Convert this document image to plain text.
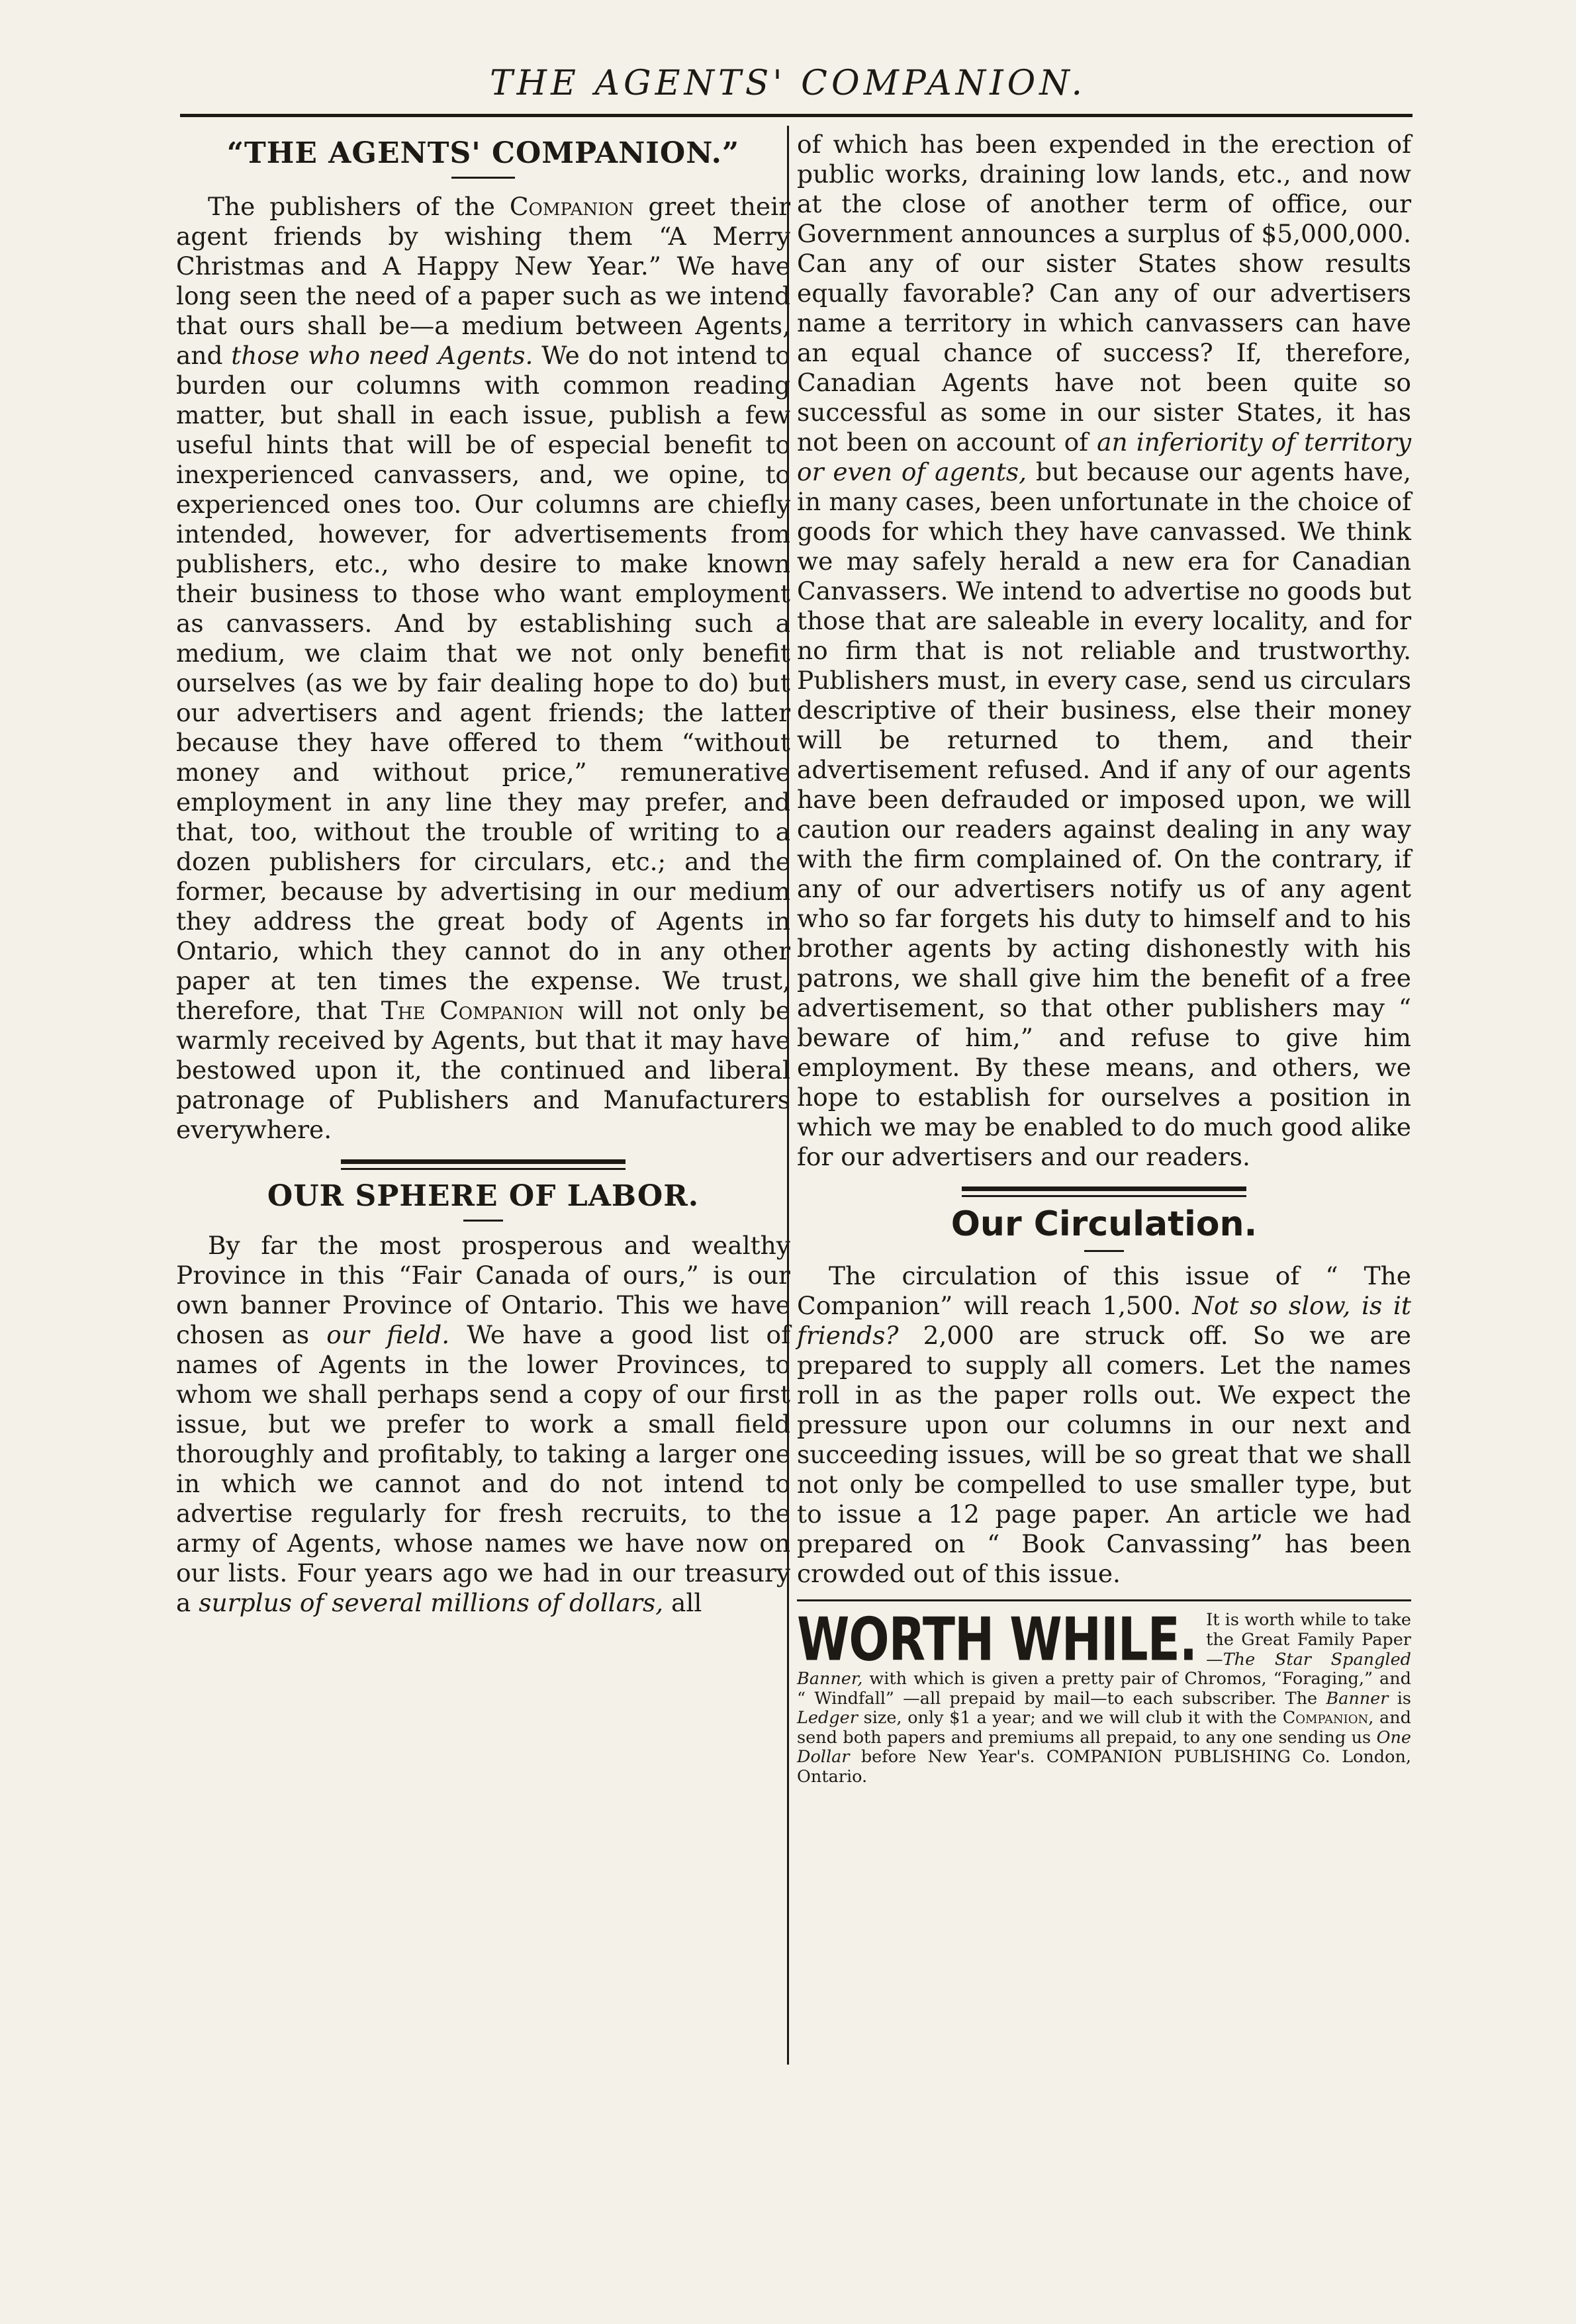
THE AGENTS' COMPANION.
“THE AGENTS' COMPANION.”

The publishers of the Companion greet their agent friends by wishing them “A Merry Christmas and A Happy New Year.” We have long seen the need of a paper such as we intend that ours shall be—a medium between Agents, and those who need Agents. We do not intend to burden our columns with common reading matter, but shall in each issue, publish a few useful hints that will be of especial benefit to inexperienced canvassers, and, we opine, to experienced ones too. Our columns are chiefly intended, however, for advertisements from publishers, etc., who desire to make known their business to those who want employment as canvassers. And by establishing such a medium, we claim that we not only benefit ourselves (as we by fair dealing hope to do) but our advertisers and agent friends; the latter because they have offered to them “without money and without price,” remunerative employment in any line they may prefer, and that, too, without the trouble of writing to a dozen publishers for circulars, etc.; and the former, because by advertising in our medium they address the great body of Agents in Ontario, which they cannot do in any other paper at ten times the expense. We trust, therefore, that The Companion will not only be warmly received by Agents, but that it may have bestowed upon it, the continued and liberal patronage of Publishers and Manufacturers everywhere.

OUR SPHERE OF LABOR.

By far the most prosperous and wealthy Province in this “Fair Canada of ours,” is our own banner Province of Ontario. This we have chosen as our field. We have a good list of names of Agents in the lower Provinces, to whom we shall perhaps send a copy of our first issue, but we prefer to work a small field thoroughly and profitably, to taking a larger one in which we cannot and do not intend to advertise regularly for fresh recruits, to the army of Agents, whose names we have now on our lists. Four years ago we had in our treasury a surplus of several millions of dollars, all

of which has been expended in the erection of public works, draining low lands, etc., and now at the close of another term of office, our Government announces a surplus of $5,000,000. Can any of our sister States show results equally favorable? Can any of our advertisers name a territory in which canvassers can have an equal chance of success? If, therefore, Canadian Agents have not been quite so successful as some in our sister States, it has not been on account of an inferiority of territory or even of agents, but because our agents have, in many cases, been unfortunate in the choice of goods for which they have canvassed. We think we may safely herald a new era for Canadian Canvassers. We intend to advertise no goods but those that are saleable in every locality, and for no firm that is not reliable and trustworthy. Publishers must, in every case, send us circulars descriptive of their business, else their money will be returned to them, and their advertisement refused. And if any of our agents have been defrauded or imposed upon, we will caution our readers against dealing in any way with the firm complained of. On the contrary, if any of our advertisers notify us of any agent who so far forgets his duty to himself and to his brother agents by acting dishonestly with his patrons, we shall give him the benefit of a free advertisement, so that other publishers may “ beware of him,” and refuse to give him employment. By these means, and others, we hope to establish for ourselves a position in which we may be enabled to do much good alike for our advertisers and our readers.

Our Circulation.

The circulation of this issue of “ The Companion” will reach 1,500. Not so slow, is it friends? 2,000 are struck off. So we are prepared to supply all comers. Let the names roll in as the paper rolls out. We expect the pressure upon our columns in our next and succeeding issues, will be so great that we shall not only be compelled to use smaller type, but to issue a 12 page paper. An article we had prepared on “ Book Canvassing” has been crowded out of this issue.

WORTH WHILE. It is worth while to take the Great Family Paper—The Star Spangled Banner, with which is given a pretty pair of Chromos, “Foraging,” and “ Windfall” —all prepaid by mail—to each subscriber. The Banner is Ledger size, only $1 a year; and we will club it with the Companion, and send both papers and premiums all prepaid, to any one sending us One Dollar before New Year's. COMPANION PUBLISHING Co. London, Ontario.
